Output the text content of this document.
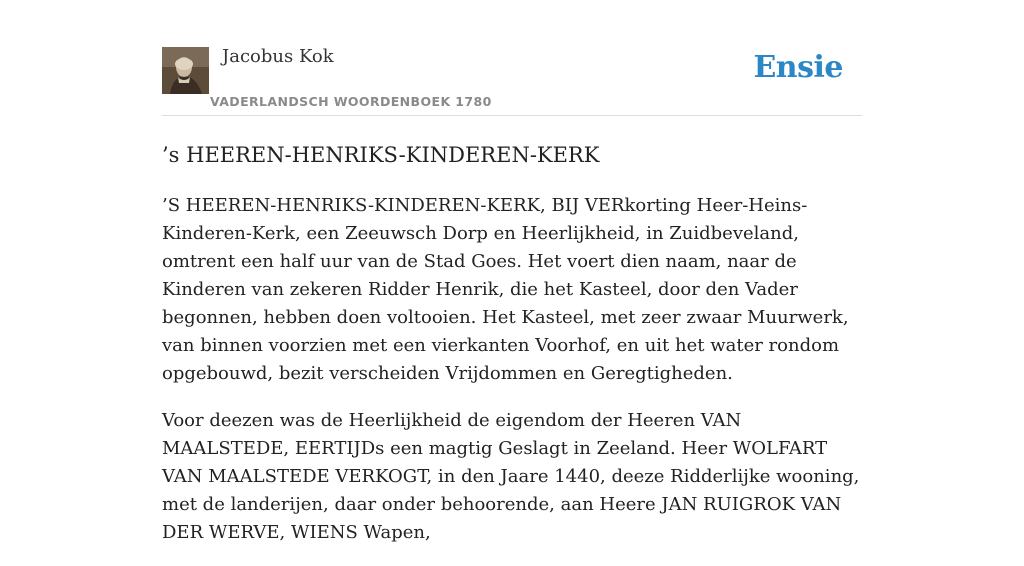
Jacobus Kok
VADERLANDSCH WOORDENBOEK 1780
Ensie
’s HEEREN-HENRIKS-KINDEREN-KERK

’S HEEREN-HENRIKS-KINDEREN-KERK, BIJ VERkorting Heer-Heins-Kinderen-Kerk, een Zeeuwsch Dorp en Heerlijkheid, in Zuidbeveland, omtrent een half uur van de Stad Goes. Het voert dien naam, naar de Kinderen van zekeren Ridder Henrik, die het Kasteel, door den Vader begonnen, hebben doen voltooien. Het Kasteel, met zeer zwaar Muurwerk, van binnen voorzien met een vierkanten Voorhof, en uit het water rondom opgebouwd, bezit verscheiden Vrijdommen en Geregtigheden.

Voor deezen was de Heerlijkheid de eigendom der Heeren VAN MAALSTEDE, EERTIJDs een magtig Geslagt in Zeeland. Heer WOLFART VAN MAALSTEDE VERKOGT, in den Jaare 1440, deeze Ridderlijke wooning, met de landerijen, daar onder behoorende, aan Heere JAN RUIGROK VAN DER WERVE, WIENS Wapen,
